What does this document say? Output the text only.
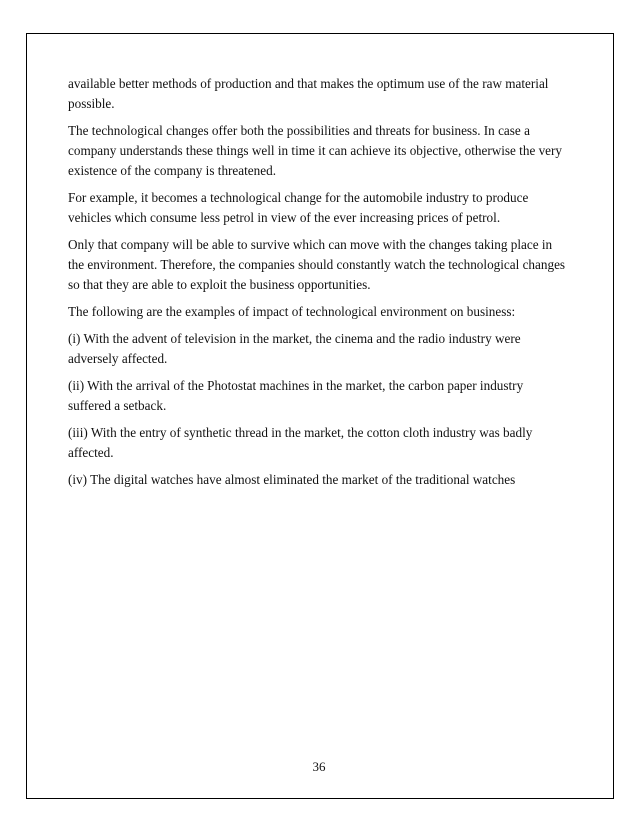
available better methods of production and that makes the optimum use of the raw material possible.

The technological changes offer both the possibilities and threats for business. In case a company understands these things well in time it can achieve its objective, otherwise the very existence of the company is threatened.

For example, it becomes a technological change for the automobile industry to produce vehicles which consume less petrol in view of the ever increasing prices of petrol.

Only that company will be able to survive which can move with the changes taking place in the environment. Therefore, the companies should constantly watch the technological changes so that they are able to exploit the business opportunities.

The following are the examples of impact of technological environment on business:

(i) With the advent of television in the market, the cinema and the radio industry were adversely affected.

(ii) With the arrival of the Photostat machines in the market, the carbon paper industry suffered a setback.

(iii) With the entry of synthetic thread in the market, the cotton cloth industry was badly affected.

(iv) The digital watches have almost eliminated the market of the traditional watches

36
